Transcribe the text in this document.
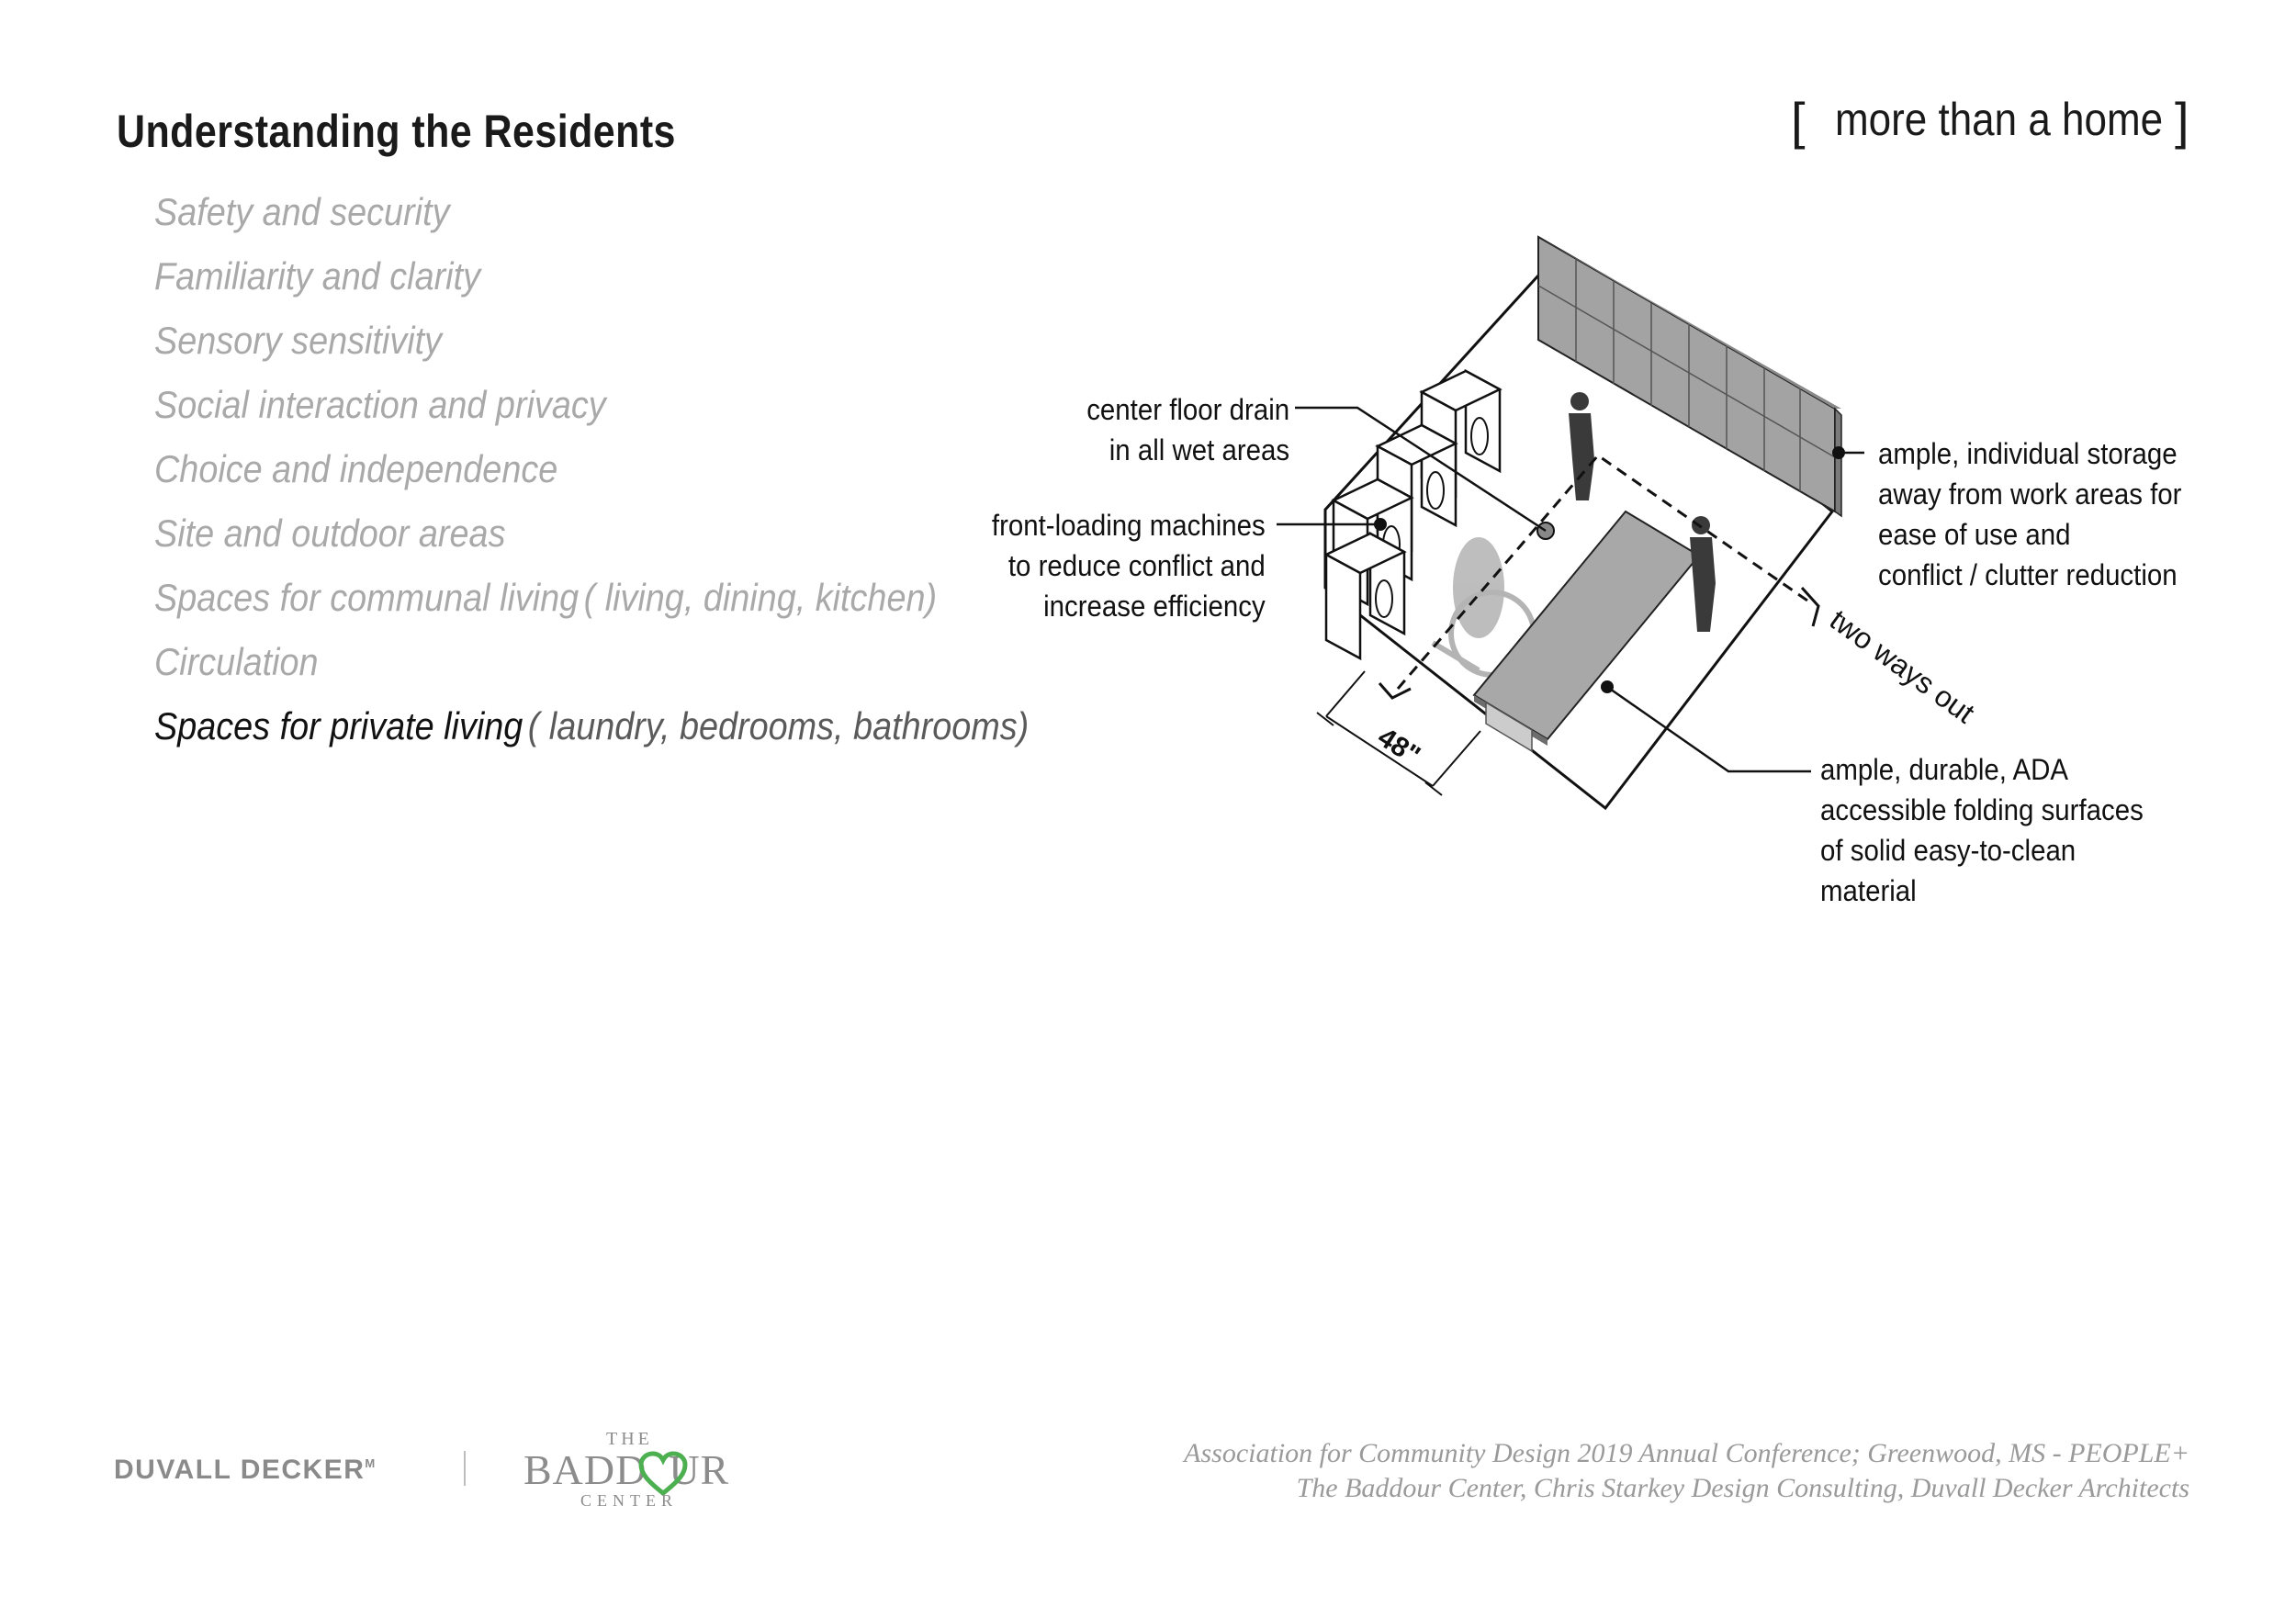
Understanding the Residents	[ more than a home ]
Safety and security
Familiarity and clarity
Sensory sensitivity
Social interaction and privacy
Choice and independence
Site and outdoor areas
Spaces for communal living ( living, dining, kitchen)
Circulation
Spaces for private living ( laundry, bedrooms, bathrooms)	48"
two ways out
center floor drain
in all wet areas
front-loading machines
to reduce conflict and
increase efficiency
ample, individual storage
away from work areas for
ease of use and
conflict / clutter reduction
ample, durable, ADA
accessible folding surfaces
of solid easy-to-clean
material
DUVALL $DECKER^M$
THE
BADD UR
CENTER
Association for Community Design 2019 Annual Conference; Greenwood, MS - PEOPLE+
The Baddour Center, Chris Starkey Design Consulting, Duvall Decker Architects
